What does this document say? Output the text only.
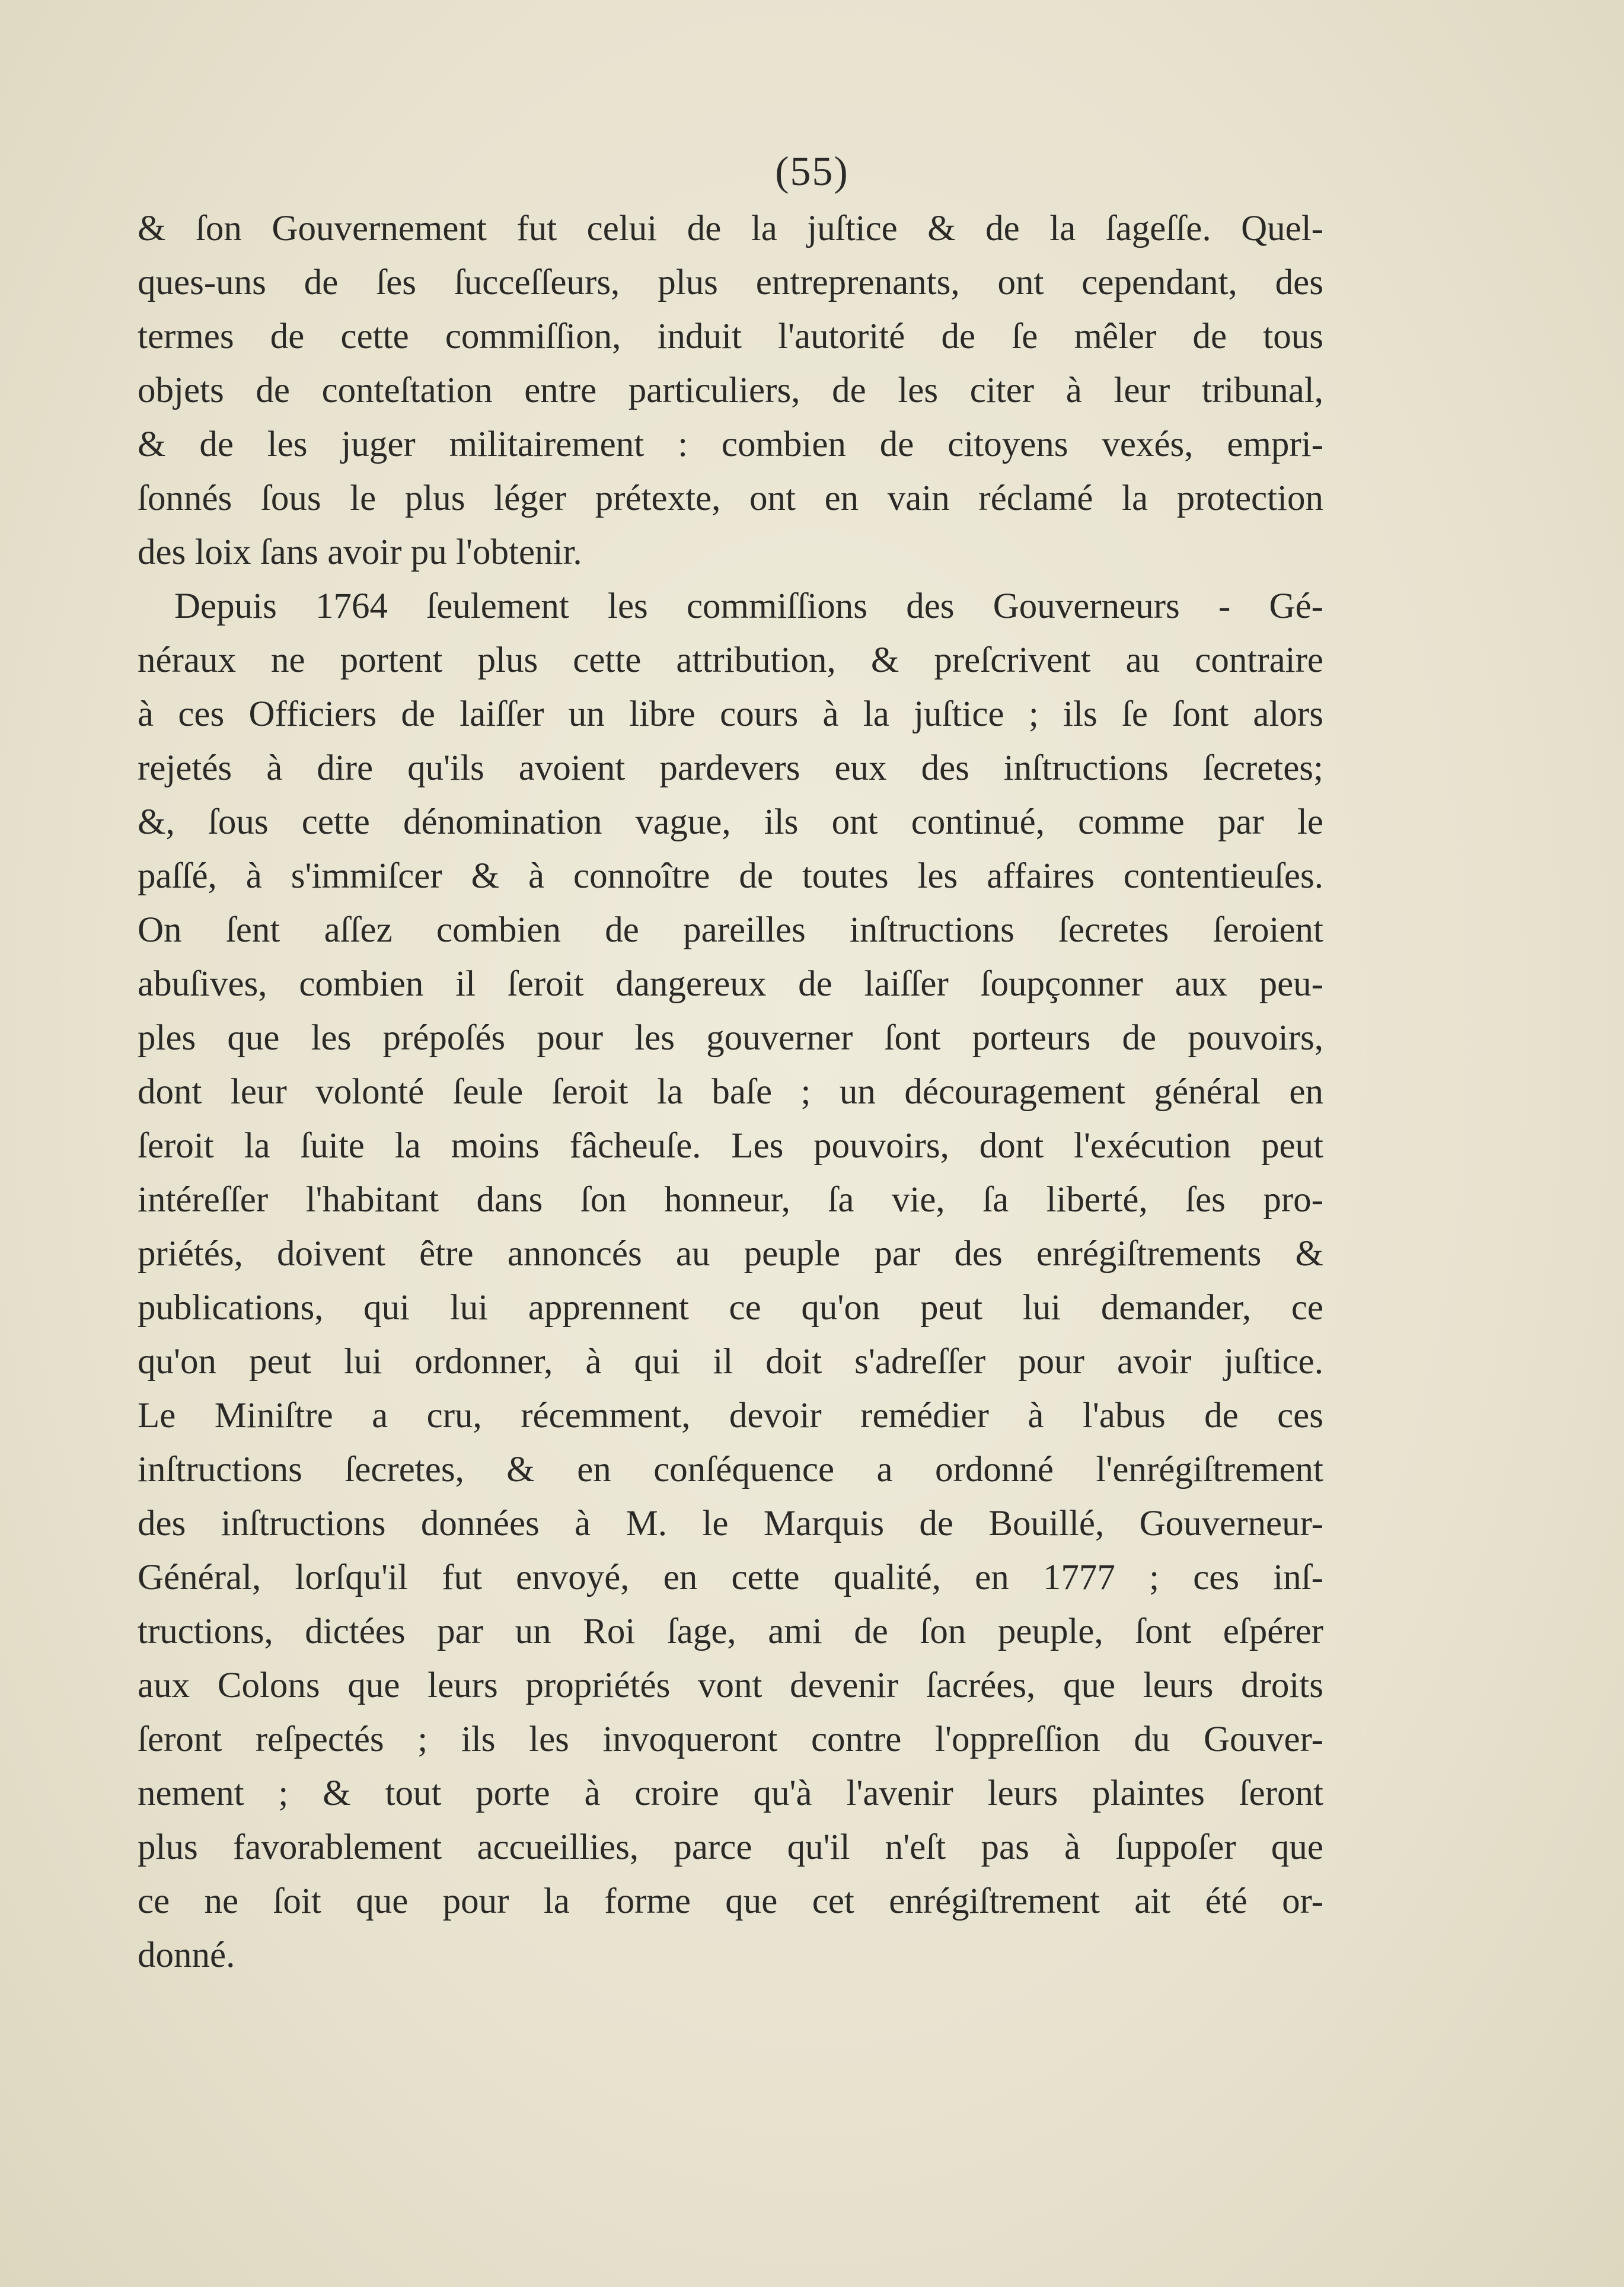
(55)
& ſon Gouvernement fut celui de la juſtice & de la ſageſſe. Quel-
ques-uns de ſes ſucceſſeurs, plus entreprenants, ont cependant, des
termes de cette commiſſion, induit l'autorité de ſe mêler de tous
objets de conteſtation entre particuliers, de les citer à leur tribunal,
& de les juger militairement : combien de citoyens vexés, empri-
ſonnés ſous le plus léger prétexte, ont en vain réclamé la protection
des loix ſans avoir pu l'obtenir.
Depuis 1764 ſeulement les commiſſions des Gouverneurs - Gé-
néraux ne portent plus cette attribution, & preſcrivent au contraire
à ces Officiers de laiſſer un libre cours à la juſtice ; ils ſe ſont alors
rejetés à dire qu'ils avoient pardevers eux des inſtructions ſecretes;
&, ſous cette dénomination vague, ils ont continué, comme par le
paſſé, à s'immiſcer & à connoître de toutes les affaires contentieuſes.
On ſent aſſez combien de pareilles inſtructions ſecretes ſeroient
abuſives, combien il ſeroit dangereux de laiſſer ſoupçonner aux peu-
ples que les prépoſés pour les gouverner ſont porteurs de pouvoirs,
dont leur volonté ſeule ſeroit la baſe ; un découragement général en
ſeroit la ſuite la moins fâcheuſe. Les pouvoirs, dont l'exécution peut
intéreſſer l'habitant dans ſon honneur, ſa vie, ſa liberté, ſes pro-
priétés, doivent être annoncés au peuple par des enrégiſtrements &
publications, qui lui apprennent ce qu'on peut lui demander, ce
qu'on peut lui ordonner, à qui il doit s'adreſſer pour avoir juſtice.
Le Miniſtre a cru, récemment, devoir remédier à l'abus de ces
inſtructions ſecretes, & en conſéquence a ordonné l'enrégiſtrement
des inſtructions données à M. le Marquis de Bouillé, Gouverneur-
Général, lorſqu'il fut envoyé, en cette qualité, en 1777 ; ces inſ-
tructions, dictées par un Roi ſage, ami de ſon peuple, ſont eſpérer
aux Colons que leurs propriétés vont devenir ſacrées, que leurs droits
ſeront reſpectés ; ils les invoqueront contre l'oppreſſion du Gouver-
nement ; & tout porte à croire qu'à l'avenir leurs plaintes ſeront
plus favorablement accueillies, parce qu'il n'eſt pas à ſuppoſer que
ce ne ſoit que pour la forme que cet enrégiſtrement ait été or-
donné.
